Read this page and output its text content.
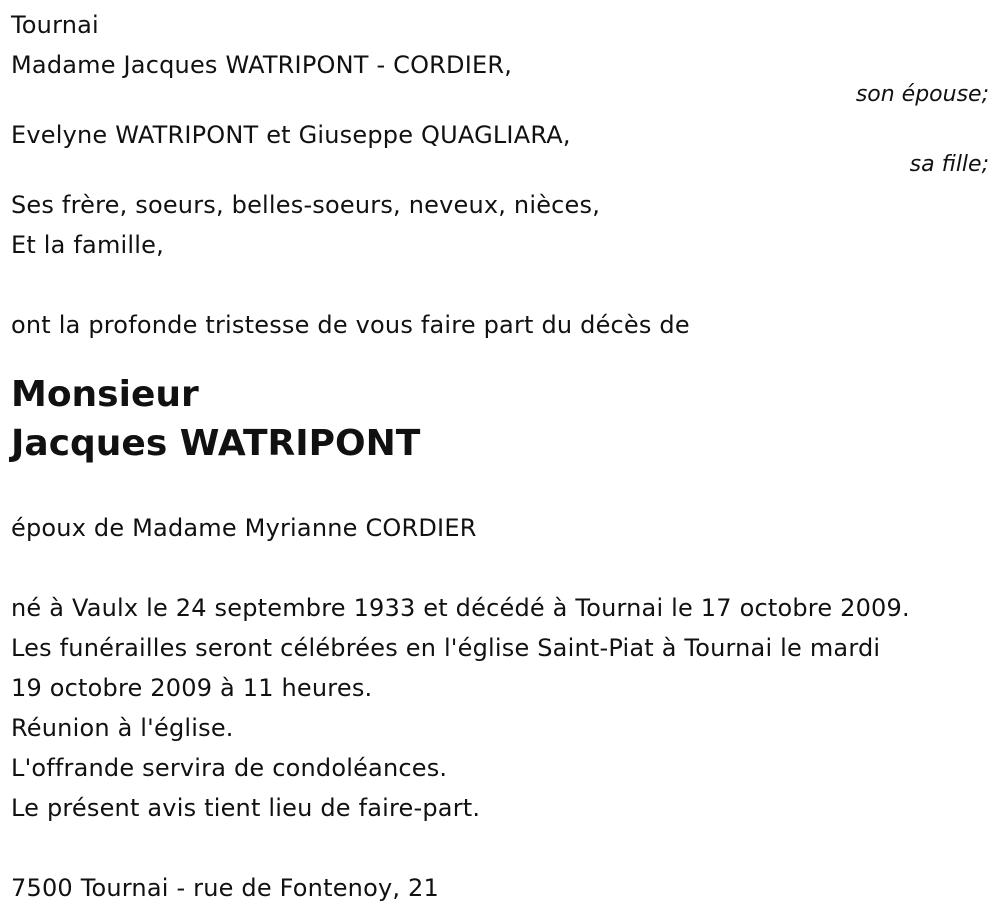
Tournai
Madame Jacques WATRIPONT - CORDIER,
son épouse;
Evelyne WATRIPONT et Giuseppe QUAGLIARA,
sa fille;
Ses frère, soeurs, belles-soeurs, neveux, nièces,
Et la famille,
ont la profonde tristesse de vous faire part du décès de
Monsieur
Jacques WATRIPONT
époux de Madame Myrianne CORDIER
né à Vaulx le 24 septembre 1933 et décédé à Tournai le 17 octobre 2009.
Les funérailles seront célébrées en l'église Saint-Piat à Tournai le mardi
19 octobre 2009 à 11 heures.
Réunion à l'église.
L'offrande servira de condoléances.
Le présent avis tient lieu de faire-part.
7500 Tournai - rue de Fontenoy, 21
